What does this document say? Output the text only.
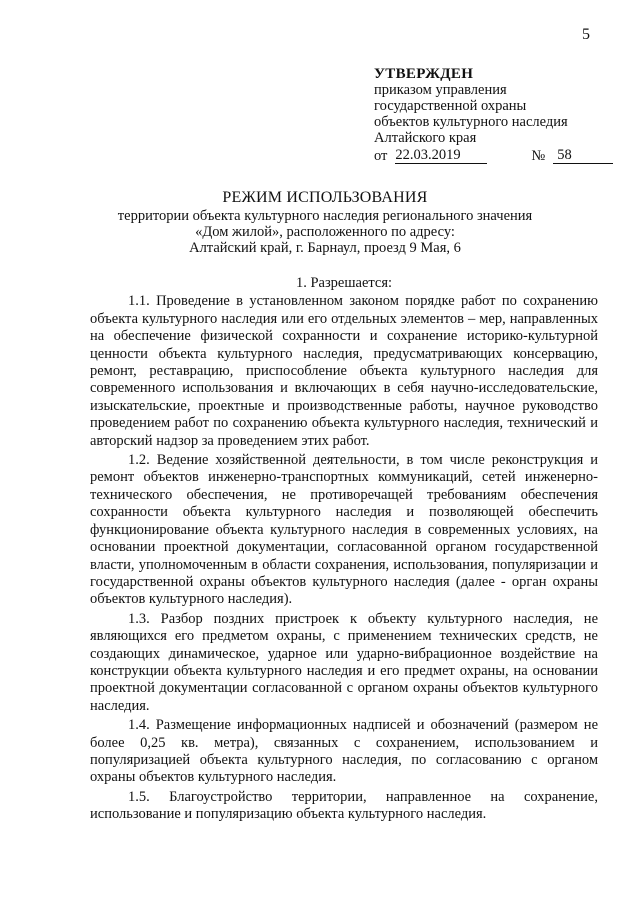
5
УТВЕРЖДЕН
приказом управления
государственной охраны
объектов культурного наследия
Алтайского края
от 22.03.2019	№ 58
РЕЖИМ ИСПОЛЬЗОВАНИЯ
территории объекта культурного наследия регионального значения
«Дом жилой», расположенного по адресу:
Алтайский край, г. Барнаул, проезд 9 Мая, 6

1. Разрешается:

1.1. Проведение в установленном законом порядке работ по сохранению объекта культурного наследия или его отдельных элементов – мер, направленных на обеспечение физической сохранности и сохранение историко-культурной ценности объекта культурного наследия, предусматривающих консервацию, ремонт, реставрацию, приспособление объекта культурного наследия для современного использования и включающих в себя научно-исследовательские, изыскательские, проектные и производственные работы, научное руководство проведением работ по сохранению объекта культурного наследия, технический и авторский надзор за проведением этих работ.

1.2. Ведение хозяйственной деятельности, в том числе реконструкция и ремонт объектов инженерно-транспортных коммуникаций, сетей инженерно-технического обеспечения, не противоречащей требованиям обеспечения сохранности объекта культурного наследия и позволяющей обеспечить функционирование объекта культурного наследия в современных условиях, на основании проектной документации, согласованной органом государственной власти, уполномоченным в области сохранения, использования, популяризации и государственной охраны объектов культурного наследия (далее - орган охраны объектов культурного наследия).

1.3. Разбор поздних пристроек к объекту культурного наследия, не являющихся его предметом охраны, с применением технических средств, не создающих динамическое, ударное или ударно-вибрационное воздействие на конструкции объекта культурного наследия и его предмет охраны, на основании проектной документации согласованной с органом охраны объектов культурного наследия.

1.4. Размещение информационных надписей и обозначений (размером не более 0,25 кв. метра), связанных с сохранением, использованием и популяризацией объекта культурного наследия, по согласованию с органом охраны объектов культурного наследия.

1.5. Благоустройство территории, направленное на сохранение, использование и популяризацию объекта культурного наследия.
